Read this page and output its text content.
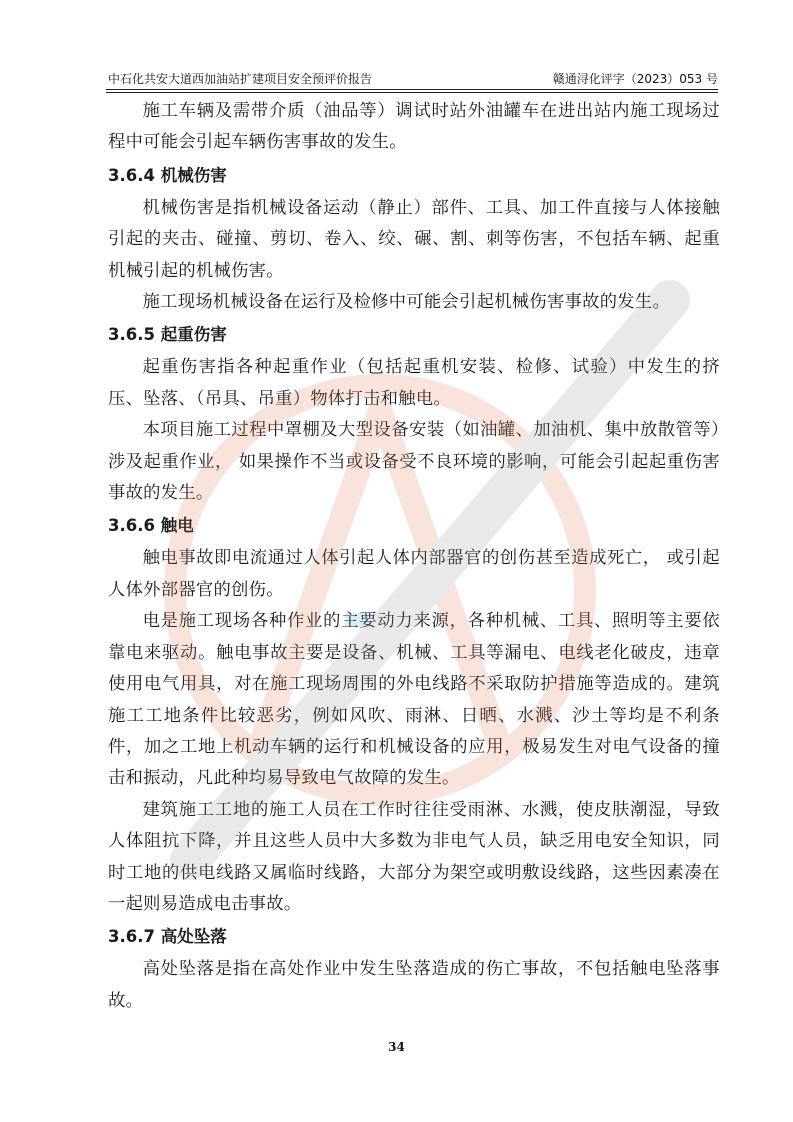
中石化共安大道西加油站扩建项目安全预评价报告	赣通浔化评字（2023）053 号

施工车辆及需带介质（油品等）调试时站外油罐车在进出站内施工现场过程中可能会引起车辆伤害事故的发生。

3.6.4 机械伤害

机械伤害是指机械设备运动（静止）部件、工具、加工件直接与人体接触引起的夹击、碰撞、剪切、卷入、绞、碾、割、刺等伤害，不包括车辆、起重机械引起的机械伤害。

施工现场机械设备在运行及检修中可能会引起机械伤害事故的发生。

3.6.5 起重伤害

起重伤害指各种起重作业（包括起重机安装、检修、试验）中发生的挤压、坠落、（吊具、吊重）物体打击和触电。

本项目施工过程中罩棚及大型设备安装（如油罐、加油机、集中放散管等）涉及起重作业， 如果操作不当或设备受不良环境的影响，可能会引起起重伤害事故的发生。

3.6.6 触电

触电事故即电流通过人体引起人体内部器官的创伤甚至造成死亡， 或引起人体外部器官的创伤。

电是施工现场各种作业的主要动力来源，各种机械、工具、照明等主要依靠电来驱动。触电事故主要是设备、机械、工具等漏电、电线老化破皮，违章使用电气用具，对在施工现场周围的外电线路不采取防护措施等造成的。建筑施工工地条件比较恶劣，例如风吹、雨淋、日晒、水溅、沙土等均是不利条件，加之工地上机动车辆的运行和机械设备的应用，极易发生对电气设备的撞击和振动，凡此种均易导致电气故障的发生。

建筑施工工地的施工人员在工作时往往受雨淋、水溅，使皮肤潮湿，导致人体阻抗下降，并且这些人员中大多数为非电气人员，缺乏用电安全知识，同时工地的供电线路又属临时线路，大部分为架空或明敷设线路，这些因素凑在一起则易造成电击事故。

3.6.7 高处坠落

高处坠落是指在高处作业中发生坠落造成的伤亡事故，不包括触电坠落事故。

34
